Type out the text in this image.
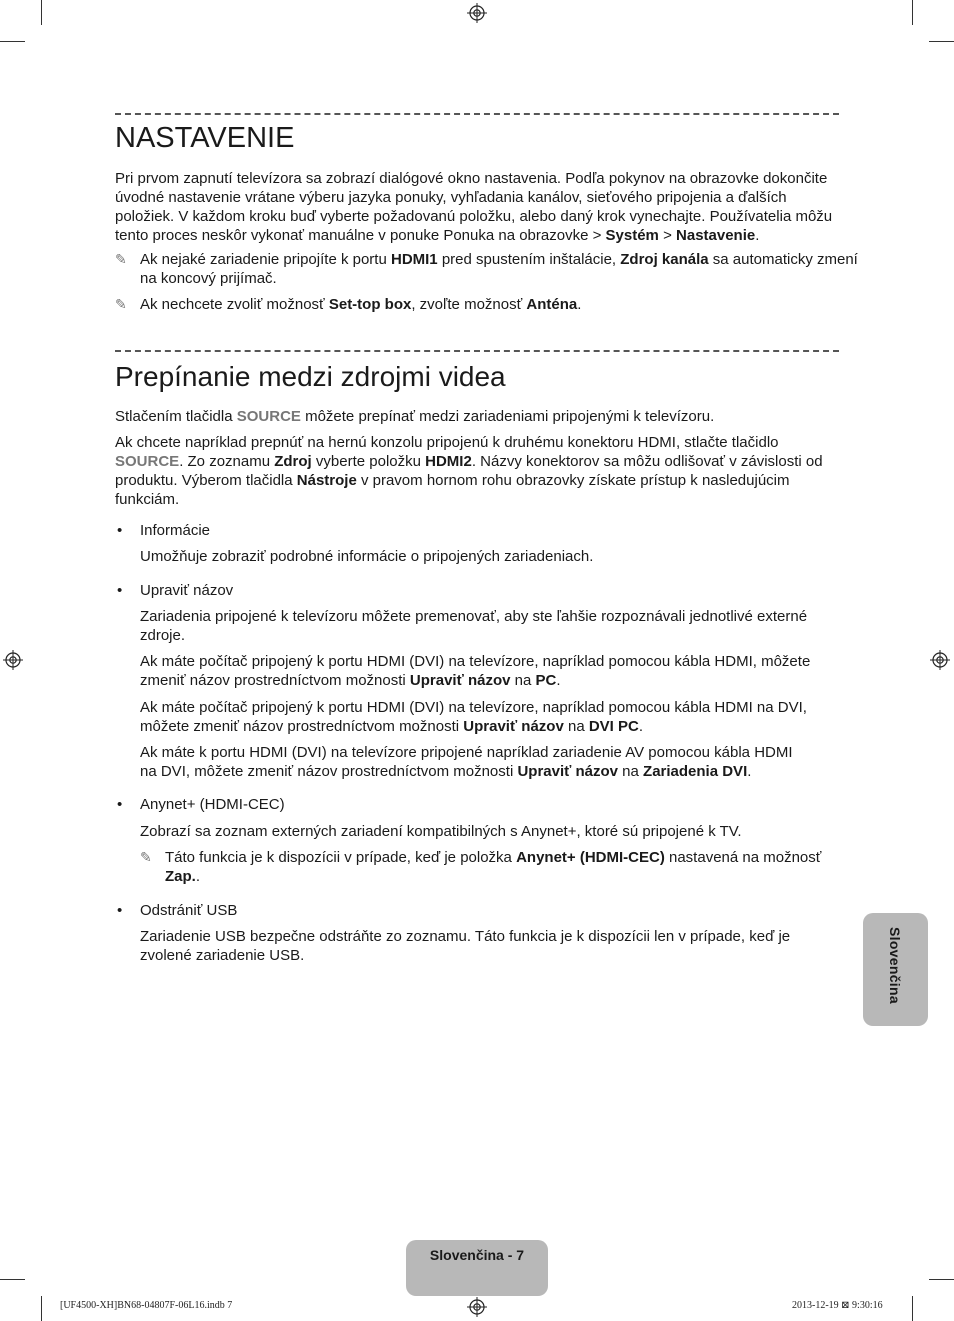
NASTAVENIE

Pri prvom zapnutí televízora sa zobrazí dialógové okno nastavenia. Podľa pokynov na obrazovke dokončite úvodné nastavenie vrátane výberu jazyka ponuky, vyhľadania kanálov, sieťového pripojenia a ďalších položiek. V každom kroku buď vyberte požadovanú položku, alebo daný krok vynechajte. Používatelia môžu tento proces neskôr vykonať manuálne v ponuke Ponuka na obrazovke > Systém > Nastavenie.

✎ Ak nejaké zariadenie pripojíte k portu HDMI1 pred spustením inštalácie, Zdroj kanála sa automaticky zmení na koncový prijímač.

✎ Ak nechcete zvoliť možnosť Set-top box, zvoľte možnosť Anténa.

Prepínanie medzi zdrojmi videa

Stlačením tlačidla SOURCE môžete prepínať medzi zariadeniami pripojenými k televízoru.

Ak chcete napríklad prepnúť na hernú konzolu pripojenú k druhému konektoru HDMI, stlačte tlačidlo SOURCE. Zo zoznamu Zdroj vyberte položku HDMI2. Názvy konektorov sa môžu odlišovať v závislosti od produktu. Výberom tlačidla Nástroje v pravom hornom rohu obrazovky získate prístup k nasledujúcim funkciám.

• Informácie

Umožňuje zobraziť podrobné informácie o pripojených zariadeniach.

• Upraviť názov

Zariadenia pripojené k televízoru môžete premenovať, aby ste ľahšie rozpoznávali jednotlivé externé zdroje.

Ak máte počítač pripojený k portu HDMI (DVI) na televízore, napríklad pomocou kábla HDMI, môžete zmeniť názov prostredníctvom možnosti Upraviť názov na PC.

Ak máte počítač pripojený k portu HDMI (DVI) na televízore, napríklad pomocou kábla HDMI na DVI, môžete zmeniť názov prostredníctvom možnosti Upraviť názov na DVI PC.

Ak máte k portu HDMI (DVI) na televízore pripojené napríklad zariadenie AV pomocou kábla HDMI na DVI, môžete zmeniť názov prostredníctvom možnosti Upraviť názov na Zariadenia DVI.

• Anynet+ (HDMI-CEC)

Zobrazí sa zoznam externých zariadení kompatibilných s Anynet+, ktoré sú pripojené k TV.

✎ Táto funkcia je k dispozícii v prípade, keď je položka Anynet+ (HDMI-CEC) nastavená na možnosť Zap..

• Odstrániť USB

Zariadenie USB bezpečne odstráňte zo zoznamu. Táto funkcia je k dispozícii len v prípade, keď je zvolené zariadenie USB.	Slovenčina
Slovenčina - 7
[UF4500-XH]BN68-04807F-06L16.indb 7	2013-12-19 ⊠ 9:30:16
